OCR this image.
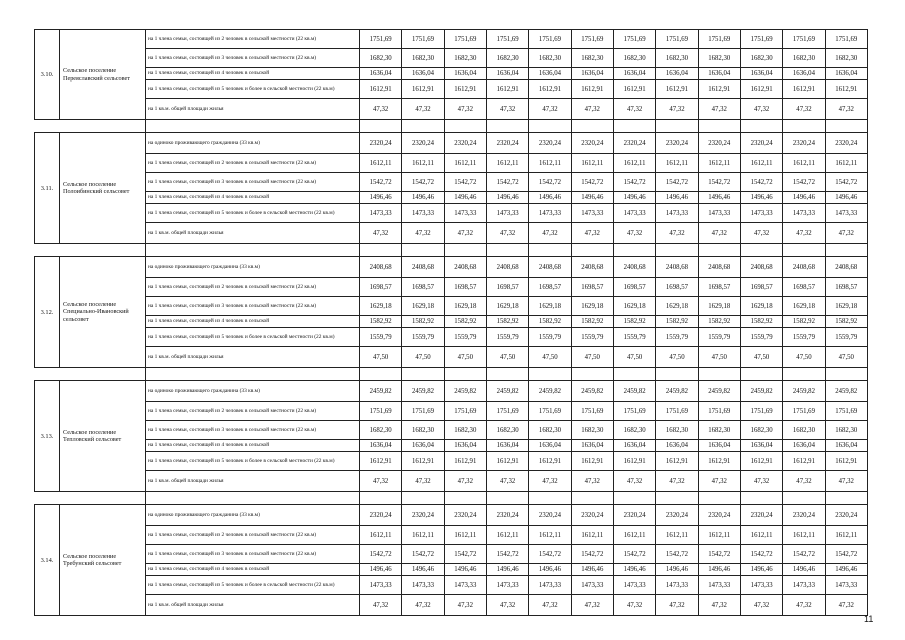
3.10.	Сельское поселение Переяславский сельсовет	на 1 члена семьи, состоящей из 2 человек в сельской местности (22 кв.м)	1751,69	1751,69	1751,69	1751,69	1751,69	1751,69	1751,69	1751,69	1751,69	1751,69	1751,69	1751,69
		на 1 члена семьи, состоящей из 3 человек в сельской местности (22 кв.м)	1682,30	1682,30	1682,30	1682,30	1682,30	1682,30	1682,30	1682,30	1682,30	1682,30	1682,30	1682,30
		на 1 члена семьи, состоящей из 4 человек в сельской	1636,04	1636,04	1636,04	1636,04	1636,04	1636,04	1636,04	1636,04	1636,04	1636,04	1636,04	1636,04
		на 1 члена семьи, состоящей из 5 человек и более в сельской местности (22 кв.м)	1612,91	1612,91	1612,91	1612,91	1612,91	1612,91	1612,91	1612,91	1612,91	1612,91	1612,91	1612,91
		на 1 кв.м. общей площади жилья	47,32	47,32	47,32	47,32	47,32	47,32	47,32	47,32	47,32	47,32	47,32	47,32

3.11.	Сельское поселение Полоибинский сельсовет	на одиноко проживающего гражданина (33 кв.м)	2320,24	2320,24	2320,24	2320,24	2320,24	2320,24	2320,24	2320,24	2320,24	2320,24	2320,24	2320,24
		на 1 члена семьи, состоящей из 2 человек в сельской местности (22 кв.м)	1612,11	1612,11	1612,11	1612,11	1612,11	1612,11	1612,11	1612,11	1612,11	1612,11	1612,11	1612,11
		на 1 члена семьи, состоящей из 3 человек в сельской местности (22 кв.м)	1542,72	1542,72	1542,72	1542,72	1542,72	1542,72	1542,72	1542,72	1542,72	1542,72	1542,72	1542,72
		на 1 члена семьи, состоящей из 4 человек в сельской	1496,46	1496,46	1496,46	1496,46	1496,46	1496,46	1496,46	1496,46	1496,46	1496,46	1496,46	1496,46
		на 1 члена семьи, состоящей из 5 человек и более в сельской местности (22 кв.м)	1473,33	1473,33	1473,33	1473,33	1473,33	1473,33	1473,33	1473,33	1473,33	1473,33	1473,33	1473,33
		на 1 кв.м. общей площади жилья	47,32	47,32	47,32	47,32	47,32	47,32	47,32	47,32	47,32	47,32	47,32	47,32

3.12.	Сельское поселение Специально-Ивановский сельсовет	на одиноко проживающего гражданина (33 кв.м)	2408,68	2408,68	2408,68	2408,68	2408,68	2408,68	2408,68	2408,68	2408,68	2408,68	2408,68	2408,68
		на 1 члена семьи, состоящей из 2 человек в сельской местности (22 кв.м)	1698,57	1698,57	1698,57	1698,57	1698,57	1698,57	1698,57	1698,57	1698,57	1698,57	1698,57	1698,57
		на 1 члена семьи, состоящей из 3 человек в сельской местности (22 кв.м)	1629,18	1629,18	1629,18	1629,18	1629,18	1629,18	1629,18	1629,18	1629,18	1629,18	1629,18	1629,18
		на 1 члена семьи, состоящей из 4 человек в сельской	1582,92	1582,92	1582,92	1582,92	1582,92	1582,92	1582,92	1582,92	1582,92	1582,92	1582,92	1582,92
		на 1 члена семьи, состоящей из 5 человек и более в сельской местности (22 кв.м)	1559,79	1559,79	1559,79	1559,79	1559,79	1559,79	1559,79	1559,79	1559,79	1559,79	1559,79	1559,79
		на 1 кв.м. общей площади жилья	47,50	47,50	47,50	47,50	47,50	47,50	47,50	47,50	47,50	47,50	47,50	47,50

3.13.	Сельское поселение Тепловский сельсовет	на одиноко проживающего гражданина (33 кв.м)	2459,82	2459,82	2459,82	2459,82	2459,82	2459,82	2459,82	2459,82	2459,82	2459,82	2459,82	2459,82
		на 1 члена семьи, состоящей из 2 человек в сельской местности (22 кв.м)	1751,69	1751,69	1751,69	1751,69	1751,69	1751,69	1751,69	1751,69	1751,69	1751,69	1751,69	1751,69
		на 1 члена семьи, состоящей из 3 человек в сельской местности (22 кв.м)	1682,30	1682,30	1682,30	1682,30	1682,30	1682,30	1682,30	1682,30	1682,30	1682,30	1682,30	1682,30
		на 1 члена семьи, состоящей из 4 человек в сельской	1636,04	1636,04	1636,04	1636,04	1636,04	1636,04	1636,04	1636,04	1636,04	1636,04	1636,04	1636,04
		на 1 члена семьи, состоящей из 5 человек и более в сельской местности (22 кв.м)	1612,91	1612,91	1612,91	1612,91	1612,91	1612,91	1612,91	1612,91	1612,91	1612,91	1612,91	1612,91
		на 1 кв.м. общей площади жилья	47,32	47,32	47,32	47,32	47,32	47,32	47,32	47,32	47,32	47,32	47,32	47,32

3.14.	Сельское поселение Требунский сельсовет	на одиноко проживающего гражданина (33 кв.м)	2320,24	2320,24	2320,24	2320,24	2320,24	2320,24	2320,24	2320,24	2320,24	2320,24	2320,24	2320,24
		на 1 члена семьи, состоящей из 2 человек в сельской местности (22 кв.м)	1612,11	1612,11	1612,11	1612,11	1612,11	1612,11	1612,11	1612,11	1612,11	1612,11	1612,11	1612,11
		на 1 члена семьи, состоящей из 3 человек в сельской местности (22 кв.м)	1542,72	1542,72	1542,72	1542,72	1542,72	1542,72	1542,72	1542,72	1542,72	1542,72	1542,72	1542,72
		на 1 члена семьи, состоящей из 4 человек в сельской	1496,46	1496,46	1496,46	1496,46	1496,46	1496,46	1496,46	1496,46	1496,46	1496,46	1496,46	1496,46
		на 1 члена семьи, состоящей из 5 человек и более в сельской местности (22 кв.м)	1473,33	1473,33	1473,33	1473,33	1473,33	1473,33	1473,33	1473,33	1473,33	1473,33	1473,33	1473,33
		на 1 кв.м. общей площади жилья	47,32	47,32	47,32	47,32	47,32	47,32	47,32	47,32	47,32	47,32	47,32	47,32
11
